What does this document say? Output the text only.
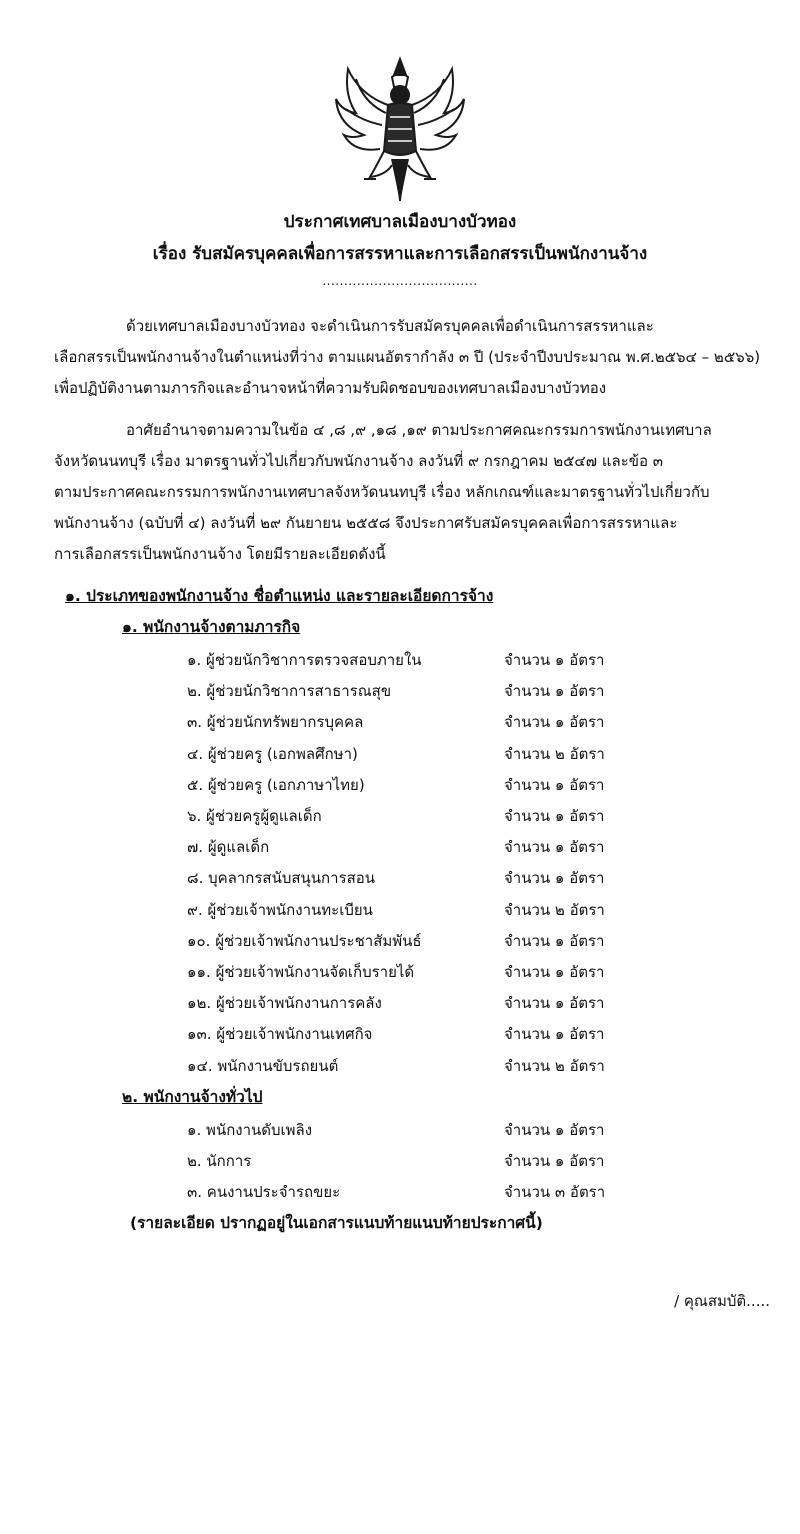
ประกาศเทศบาลเมืองบางบัวทอง
เรื่อง รับสมัครบุคคลเพื่อการสรรหาและการเลือกสรรเป็นพนักงานจ้าง
....................................
ด้วยเทศบาลเมืองบางบัวทอง จะดำเนินการรับสมัครบุคคลเพื่อดำเนินการสรรหาและ
เลือกสรรเป็นพนักงานจ้างในตำแหน่งที่ว่าง ตามแผนอัตรากำลัง ๓ ปี (ประจำปีงบประมาณ พ.ศ.๒๕๖๔ – ๒๕๖๖)
เพื่อปฏิบัติงานตามภารกิจและอำนาจหน้าที่ความรับผิดชอบของเทศบาลเมืองบางบัวทอง
อาศัยอำนาจตามความในข้อ ๔ ,๘ ,๙ ,๑๘ ,๑๙ ตามประกาศคณะกรรมการพนักงานเทศบาล
จังหวัดนนทบุรี เรื่อง มาตรฐานทั่วไปเกี่ยวกับพนักงานจ้าง ลงวันที่ ๙ กรกฎาคม ๒๕๔๗ และข้อ ๓
ตามประกาศคณะกรรมการพนักงานเทศบาลจังหวัดนนทบุรี เรื่อง หลักเกณฑ์และมาตรฐานทั่วไปเกี่ยวกับ
พนักงานจ้าง (ฉบับที่ ๔) ลงวันที่ ๒๙ กันยายน ๒๕๕๘ จึงประกาศรับสมัครบุคคลเพื่อการสรรหาและ
การเลือกสรรเป็นพนักงานจ้าง โดยมีรายละเอียดดังนี้
๑. ประเภทของพนักงานจ้าง ชื่อตำแหน่ง และรายละเอียดการจ้าง
๑. พนักงานจ้างตามภารกิจ
๑. ผู้ช่วยนักวิชาการตรวจสอบภายใน	จำนวน ๑ อัตรา
๒. ผู้ช่วยนักวิชาการสาธารณสุข	จำนวน ๑ อัตรา
๓. ผู้ช่วยนักทรัพยากรบุคคล	จำนวน ๑ อัตรา
๔. ผู้ช่วยครู (เอกพลศึกษา)	จำนวน ๒ อัตรา
๕. ผู้ช่วยครู (เอกภาษาไทย)	จำนวน ๑ อัตรา
๖. ผู้ช่วยครูผู้ดูแลเด็ก	จำนวน ๑ อัตรา
๗. ผู้ดูแลเด็ก	จำนวน ๑ อัตรา
๘. บุคลากรสนับสนุนการสอน	จำนวน ๑ อัตรา
๙. ผู้ช่วยเจ้าพนักงานทะเบียน	จำนวน ๒ อัตรา
๑๐. ผู้ช่วยเจ้าพนักงานประชาสัมพันธ์	จำนวน ๑ อัตรา
๑๑. ผู้ช่วยเจ้าพนักงานจัดเก็บรายได้	จำนวน ๑ อัตรา
๑๒. ผู้ช่วยเจ้าพนักงานการคลัง	จำนวน ๑ อัตรา
๑๓. ผู้ช่วยเจ้าพนักงานเทศกิจ	จำนวน ๑ อัตรา
๑๔. พนักงานขับรถยนต์	จำนวน ๒ อัตรา
๒. พนักงานจ้างทั่วไป
๑. พนักงานดับเพลิง	จำนวน ๑ อัตรา
๒. นักการ	จำนวน ๑ อัตรา
๓. คนงานประจำรถขยะ	จำนวน ๓ อัตรา
(รายละเอียด ปรากฏอยู่ในเอกสารแนบท้ายแนบท้ายประกาศนี้)
/ คุณสมบัติ.....
